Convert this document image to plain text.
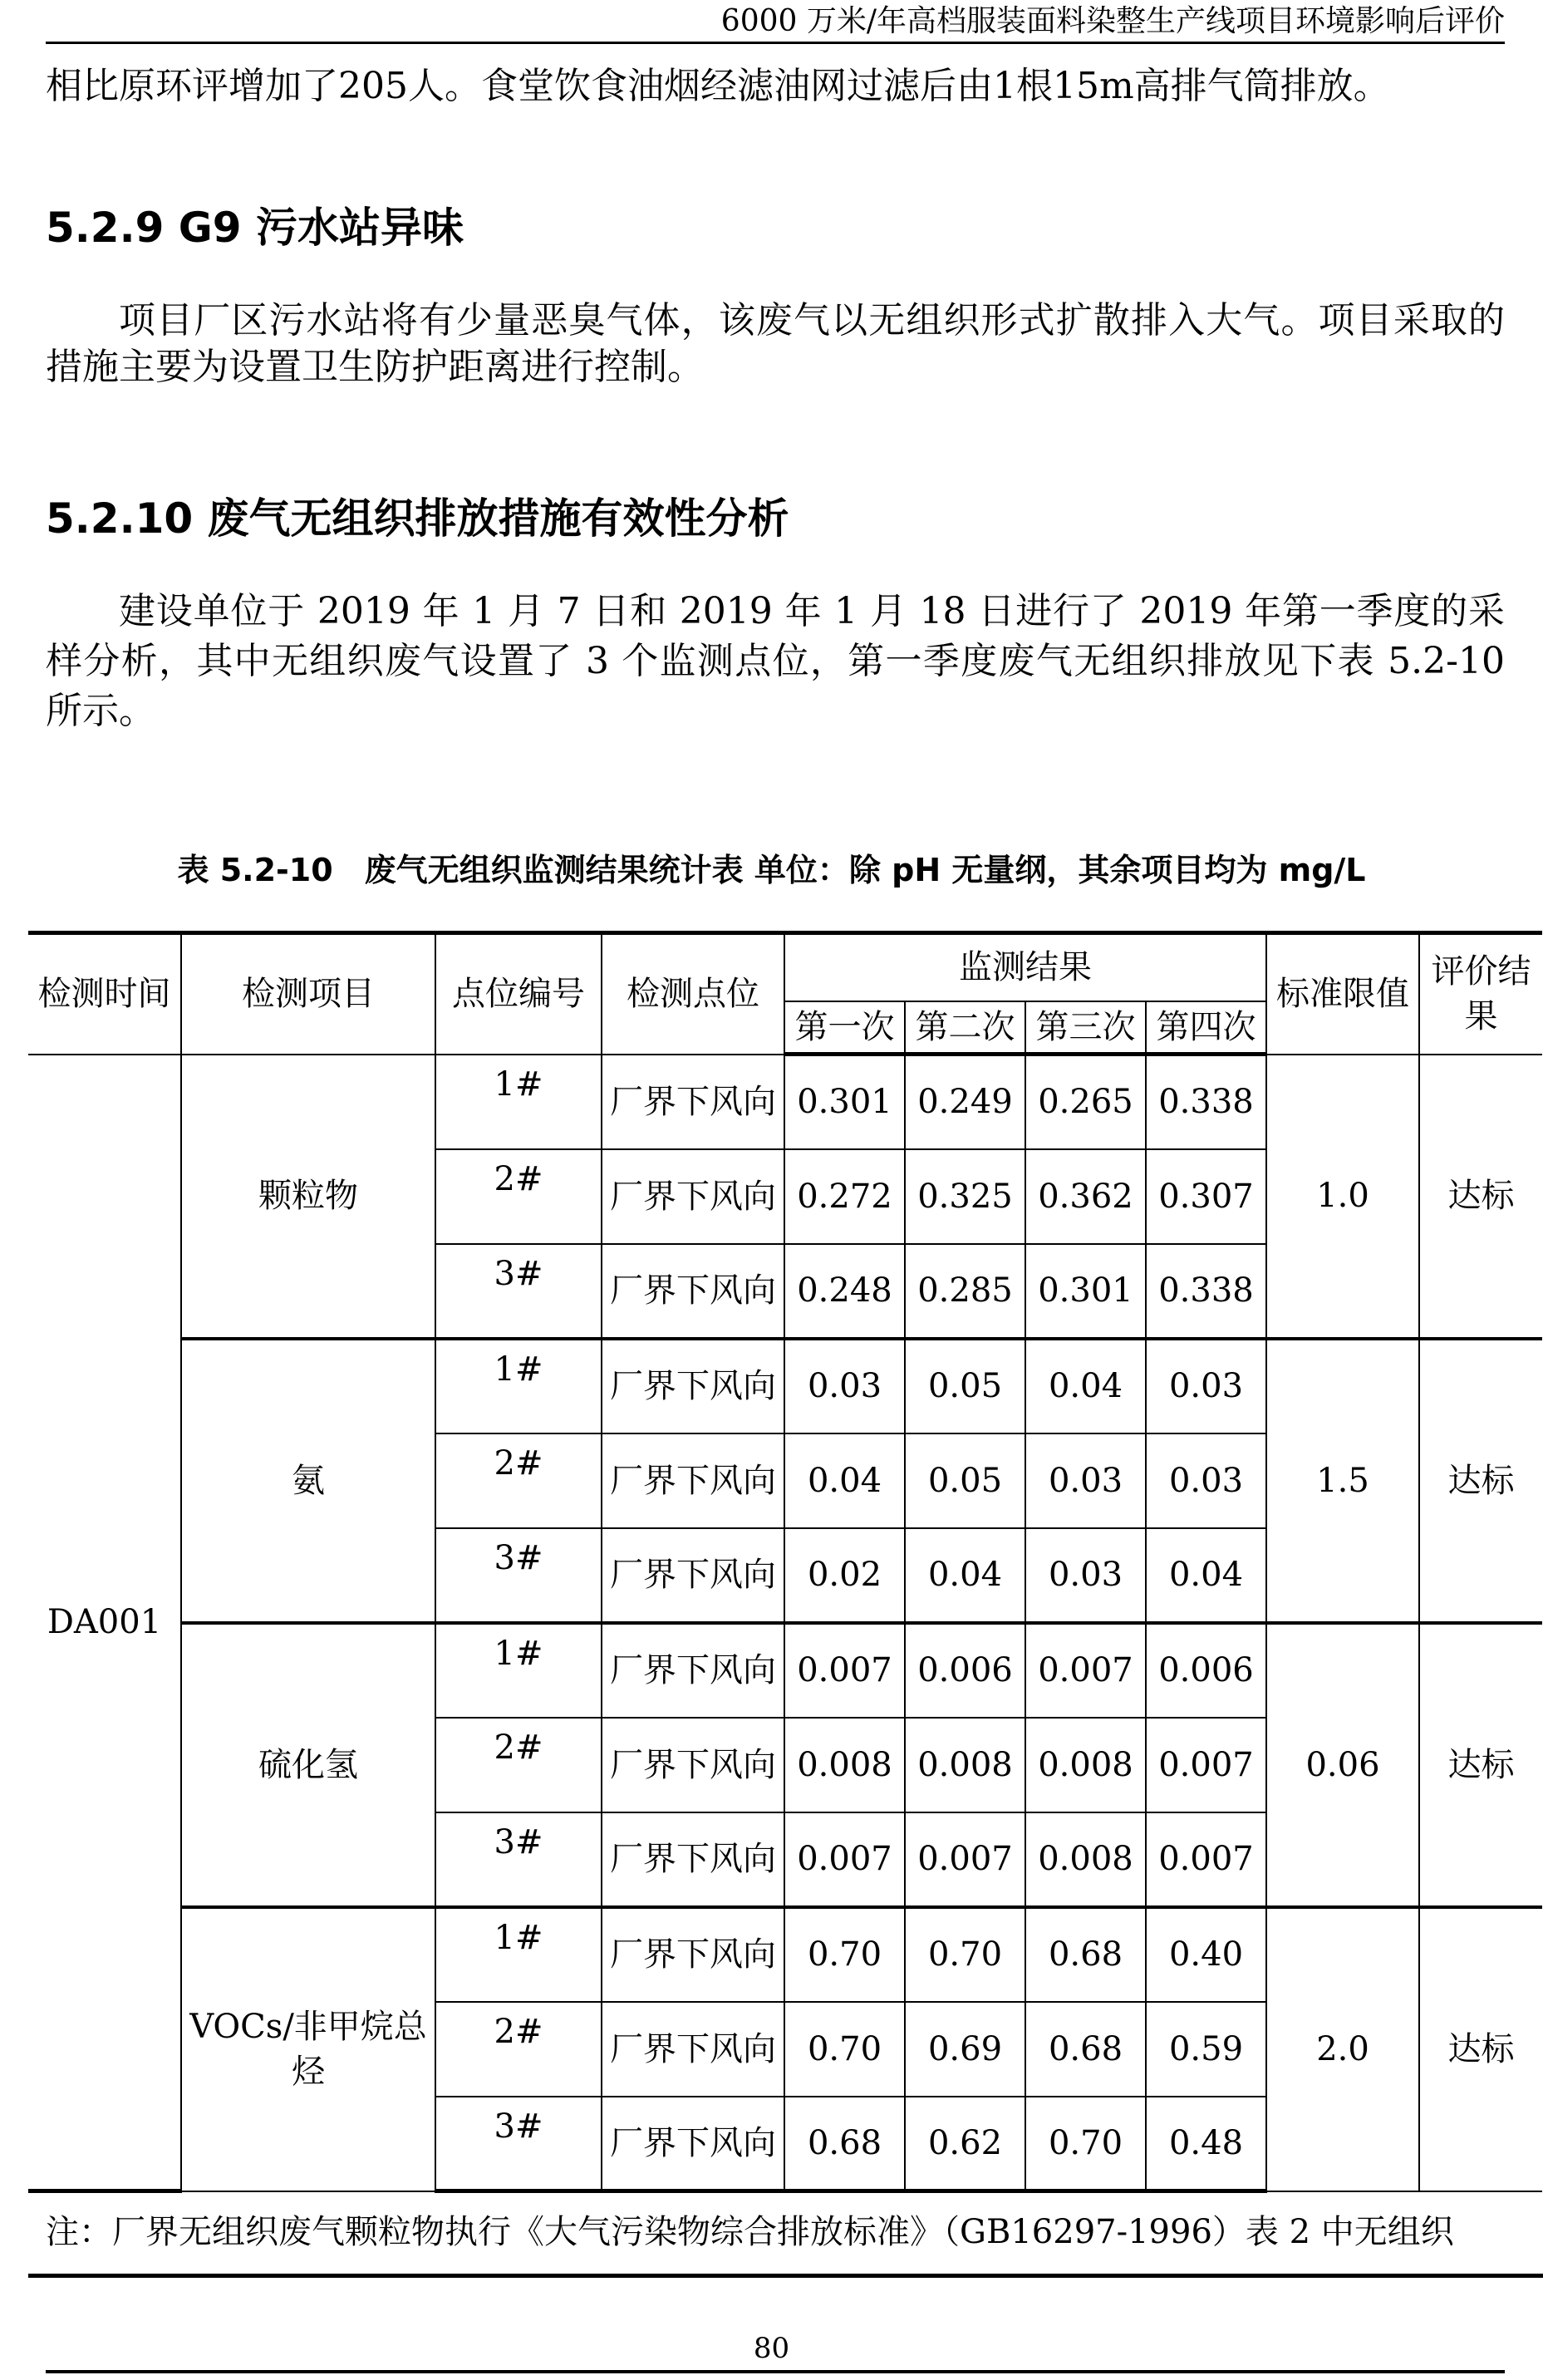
6000 万米/年高档服装面料染整生产线项目环境影响后评价
相比原环评增加了205人。食堂饮食油烟经滤油网过滤后由1根15m高排气筒排放。
5.2.9 G9 污水站异味
项目厂区污水站将有少量恶臭气体，该废气以无组织形式扩散排入大气。项目采取的措施主要为设置卫生防护距离进行控制。
5.2.10 废气无组织排放措施有效性分析
建设单位于 2019 年 1 月 7 日和 2019 年 1 月 18 日进行了 2019 年第一季度的采样分析，其中无组织废气设置了 3 个监测点位，第一季度废气无组织排放见下表 5.2-10 所示。
表 5.2-10　废气无组织监测结果统计表 单位：除 pH 无量纲，其余项目均为 mg/L
检测时间	检测项目	点位编号	检测点位	监测结果				标准限值	评价结果
				第一次	第二次	第三次	第四次		
DA001	颗粒物	1#	厂界下风向	0.301	0.249	0.265	0.338	1.0	达标
		2#	厂界下风向	0.272	0.325	0.362	0.307		
		3#	厂界下风向	0.248	0.285	0.301	0.338		
	氨	1#	厂界下风向	0.03	0.05	0.04	0.03	1.5	达标
		2#	厂界下风向	0.04	0.05	0.03	0.03		
		3#	厂界下风向	0.02	0.04	0.03	0.04		
	硫化氢	1#	厂界下风向	0.007	0.006	0.007	0.006	0.06	达标
		2#	厂界下风向	0.008	0.008	0.008	0.007		
		3#	厂界下风向	0.007	0.007	0.008	0.007		
	VOCs/非甲烷总烃	1#	厂界下风向	0.70	0.70	0.68	0.40	2.0	达标
		2#	厂界下风向	0.70	0.69	0.68	0.59		
		3#	厂界下风向	0.68	0.62	0.70	0.48		
注：厂界无组织废气颗粒物执行《大气污染物综合排放标准》（GB16297-1996）表 2 中无组织
80
